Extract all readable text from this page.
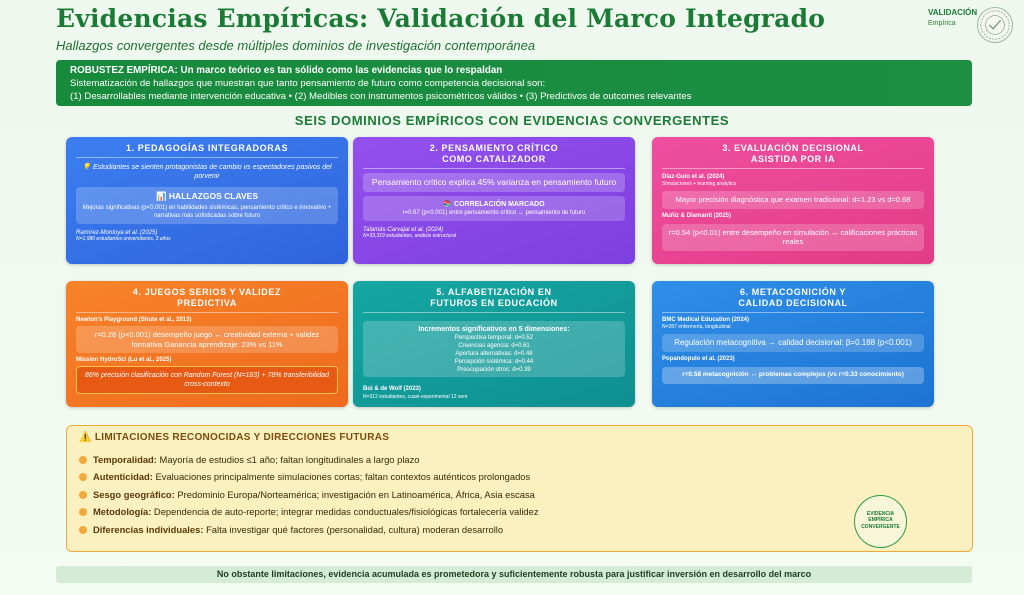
Evidencias Empíricas: Validación del Marco Integrado
Hallazgos convergentes desde múltiples dominios de investigación contemporánea
VALIDACIÓN
Empírica
ROBUSTEZ EMPÍRICA: Un marco teórico es tan sólido como las evidencias que lo respaldan
Sistematización de hallazgos que muestran que tanto pensamiento de futuro como competencia decisional son:
(1) Desarrollables mediante intervención educativa • (2) Medibles con instrumentos psicométricos válidos • (3) Predictivos de outcomes relevantes
SEIS DOMINIOS EMPÍRICOS CON EVIDENCIAS CONVERGENTES
1. PEDAGOGÍAS INTEGRADORAS
💡 Estudiantes se sienten protagonistas de cambio vs espectadores pasivos del porvenir
📊 HALLAZGOS CLAVES
Mejoras significativas (p<0.001) en habilidades sistémicas, pensamiento crítico e innovativo + narrativas más sofisticadas sobre futuro
Ramírez-Montoya et al. (2025)
N=1,980 estudiantes universitarios, 3 años
2. PENSAMIENTO CRÍTICO
COMO CATALIZADOR
Pensamiento crítico explica 45% varianza en pensamiento futuro
📚 CORRELACIÓN MARCADO
r=0.67 (p<0.001) entre pensamiento crítico ↔ pensamiento de futuro
Talamás-Carvajal et al. (2024)
N=33,319 estudiantes, análisis estructural
3. EVALUACIÓN DECISIONAL
ASISTIDA POR IA
Díaz-Guio et al. (2024)
Simulaciones + learning analytics
Mayor precisión diagnóstica que examen tradicional: d=1.23 vs d=0.68
Muñiz & Diamanti (2025)
r=0.54 (p<0.01) entre desempeño en simulación ↔ calificaciones prácticas reales
4. JUEGOS SERIOS Y VALIDEZ
PREDICTIVA
Newton's Playground (Shute et al., 2013)
r=0.28 (p<0.001) desempeño juego ↔ creatividad externa + validez formativa Ganancia aprendizaje: 23% vs 11%
Mission HydroSci (Lu et al., 2025)
86% precisión clasificación con Random Forest (N=183) + 78% transferibilidad cross-contexto
5. ALFABETIZACIÓN EN
FUTUROS EN EDUCACIÓN
Incrementos significativos en 5 dimensiones:
Perspectiva temporal: d=0.52
Creencias agencia: d=0.61
Apertura alternativas: d=0.48
Percepción sistémica: d=0.44
Preocupación otros: d=0.39
Boi & de Wolf (2023)
N=312 estudiantes, cuasi-experimental 12 sem
6. METACOGNICIÓN Y
CALIDAD DECISIONAL
BMC Medical Education (2024)
N=287 enfermería, longitudinal
Regulación metacognitiva → calidad decisional: β=0.188 (p<0.001)
Popandopulo et al. (2023)
r=0.58 metacognición ↔ problemas complejos (vs r=0.33 conocimiento)
⚠️ LIMITACIONES RECONOCIDAS Y DIRECCIONES FUTURAS
Temporalidad: Mayoría de estudios ≤1 año; faltan longitudinales a largo plazo
Autenticidad: Evaluaciones principalmente simulaciones cortas; faltan contextos auténticos prolongados
Sesgo geográfico: Predominio Europa/Norteamérica; investigación en Latinoamérica, África, Asia escasa
Metodología: Dependencia de auto-reporte; integrar medidas conductuales/fisiológicas fortalecería validez
Diferencias individuales: Falta investigar qué factores (personalidad, cultura) moderan desarrollo
EVIDENCIA
EMPÍRICA
CONVERGENTE
No obstante limitaciones, evidencia acumulada es prometedora y suficientemente robusta para justificar inversión en desarrollo del marco
